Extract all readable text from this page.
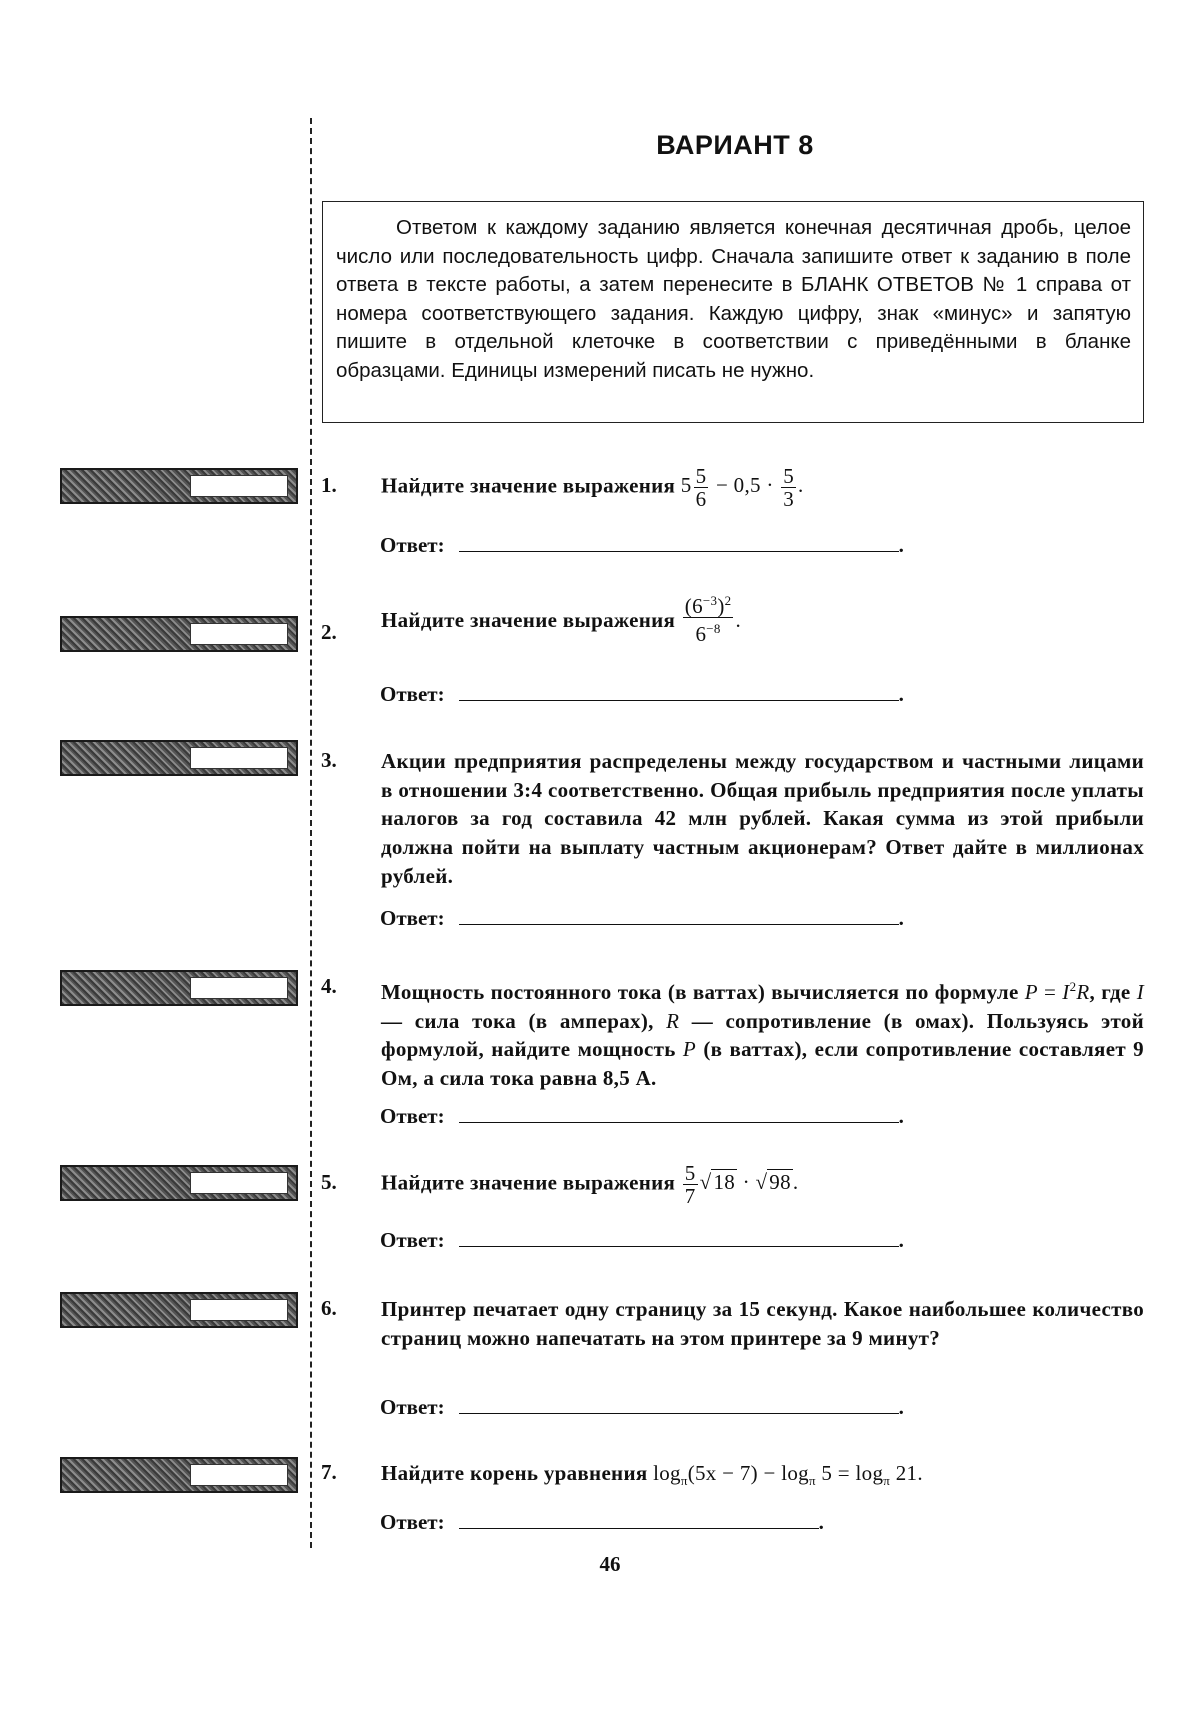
ВАРИАНТ 8

Ответом к каждому заданию является конечная десятичная дробь, целое число или последовательность цифр. Сначала запишите ответ к заданию в поле ответа в тексте работы, а затем перенесите в БЛАНК ОТВЕТОВ № 1 справа от номера соответствующего задания. Каждую цифру, знак «минус» и запятую пишите в отдельной клеточке в соответствии с приведёнными в бланке образцами. Единицы измерений писать не нужно.

1. Найдите значение выражения $5 \frac{5}{6} - 0,5 \cdot \frac{5}{3}$ .
Ответ:	.
2. Найдите значение выражения $\frac{(6^{-3})^2}{6^{-8}}$ .
Ответ:	.
3. Акции предприятия распределены между государством и частными лицами в отношении 3:4 соответственно. Общая прибыль предприятия после уплаты налогов за год составила 42 млн рублей. Какая сумма из этой прибыли должна пойти на выплату частным акционерам? Ответ дайте в миллионах рублей.

Ответ:	.
4. Мощность постоянного тока (в ваттах) вычисляется по формуле $P = I^2R$, где I — сила тока (в амперах), R — сопротивление (в омах). Пользуясь этой формулой, найдите мощность P (в ваттах), если сопротивление составляет 9 Ом, а сила тока равна 8,5 А.

Ответ:	.
5. Найдите значение выражения $\frac{5}{7} √18 \cdot √98$.
Ответ:	.
6. Принтер печатает одну страницу за 15 секунд. Какое наибольшее количество страниц можно напечатать на этом принтере за 9 минут?

Ответ:	.
7. Найдите корень уравнения $\log_\pi(5x - 7) - \log_\pi 5 = \log_\pi 21$.
Ответ:	.
46
